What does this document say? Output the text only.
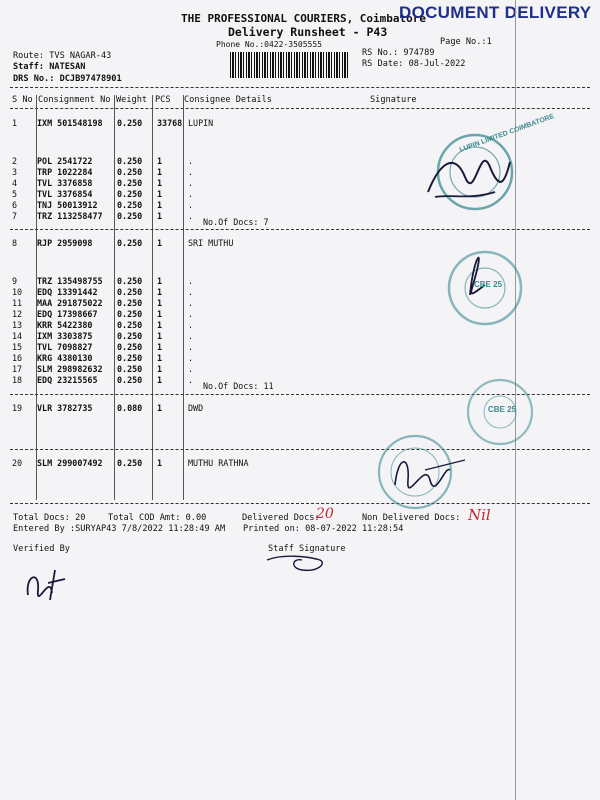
THE PROFESSIONAL COURIERS, Coimbatore
DOCUMENT DELIVERY
Delivery Runsheet - P43
Phone No.:0422-3505555	Page No.:1
Route: TVS NAGAR-43
Staff: NATESAN
DRS No.: DCJB97478901
RS No.: 974789
RS Date: 08-Jul-2022
S No Consignment No Weight PCS Consignee Details	Signature
1 IXM 501548198 0.250 33768 LUPIN
2 POL 2541722	0.250 1	.
3 TRP 1022284	0.250 1	.
4 TVL 3376858	0.250 1	.
5 TVL 3376854	0.250 1	.
6 TNJ 50013912 0.250 1	.
7 TRZ 113258477 0.250 1	.
No.Of Docs: 7
8 RJP 2959098	0.250 1	SRI MUTHU
9 TRZ 135498755 0.250 1	.
10 EDQ 13391442 0.250 1	.
11 MAA 291875022 0.250 1	.
12 EDQ 17398667 0.250 1	.
13 KRR 5422380	0.250 1	.
14 IXM 3303875	0.250 1	.
15 TVL 7098827	0.250 1	.
16 KRG 4380130	0.250 1	.
17 SLM 298982632 0.250 1	.
18 EDQ 23215565 0.250 1	.
No.Of Docs: 11
19 VLR 3782735	0.080 1	DWD
20 SLM 299007492 0.250 1	MUTHU RATHNA
LUPIN LIMITED COIMBATORE
CBE 25
CBE 25
Total Docs: 20	Total COD Amt: 0.00	Delivered Docs:
20	Non Delivered Docs: Nil
Entered By :SURYAP43 7/8/2022 11:28:49 AM Printed on: 08-07-2022 11:28:54
Verified By	Staff Signature
